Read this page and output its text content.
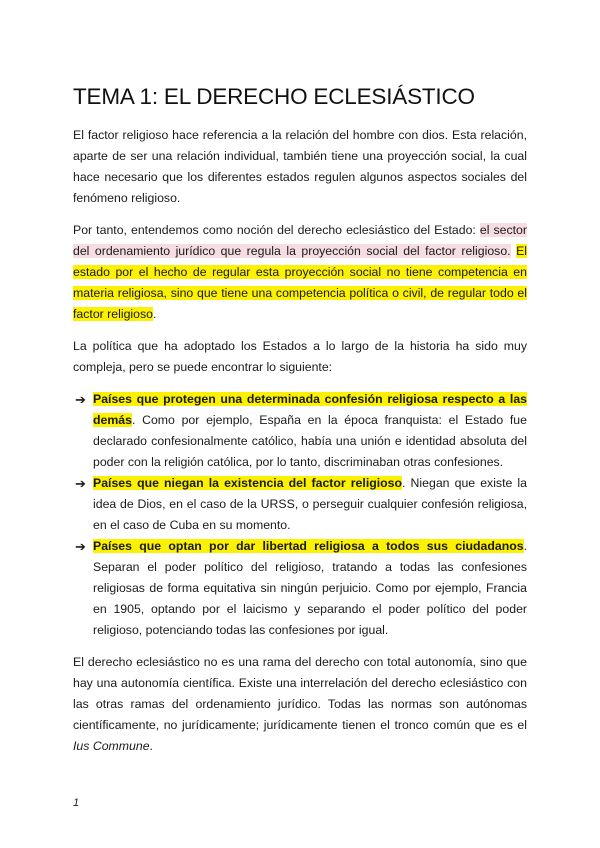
TEMA 1: EL DERECHO ECLESIÁSTICO

El factor religioso hace referencia a la relación del hombre con dios. Esta relación, aparte de ser una relación individual, también tiene una proyección social, la cual hace necesario que los diferentes estados regulen algunos aspectos sociales del fenómeno religioso.

Por tanto, entendemos como noción del derecho eclesiástico del Estado: el sector del ordenamiento jurídico que regula la proyección social del factor religioso. El estado por el hecho de regular esta proyección social no tiene competencia en materia religiosa, sino que tiene una competencia política o civil, de regular todo el factor religioso.

La política que ha adoptado los Estados a lo largo de la historia ha sido muy compleja, pero se puede encontrar lo siguiente:

➔ Países que protegen una determinada confesión religiosa respecto a las demás. Como por ejemplo, España en la época franquista: el Estado fue declarado confesionalmente católico, había una unión e identidad absoluta del poder con la religión católica, por lo tanto, discriminaban otras confesiones.
➔ Países que niegan la existencia del factor religioso. Niegan que existe la idea de Dios, en el caso de la URSS, o perseguir cualquier confesión religiosa, en el caso de Cuba en su momento.
➔ Países que optan por dar libertad religiosa a todos sus ciudadanos. Separan el poder político del religioso, tratando a todas las confesiones religiosas de forma equitativa sin ningún perjuicio. Como por ejemplo, Francia en 1905, optando por el laicismo y separando el poder político del poder religioso, potenciando todas las confesiones por igual.

El derecho eclesiástico no es una rama del derecho con total autonomía, sino que hay una autonomía científica. Existe una interrelación del derecho eclesiástico con las otras ramas del ordenamiento jurídico. Todas las normas son autónomas científicamente, no jurídicamente; jurídicamente tienen el tronco común que es el Ius Commune.

1
